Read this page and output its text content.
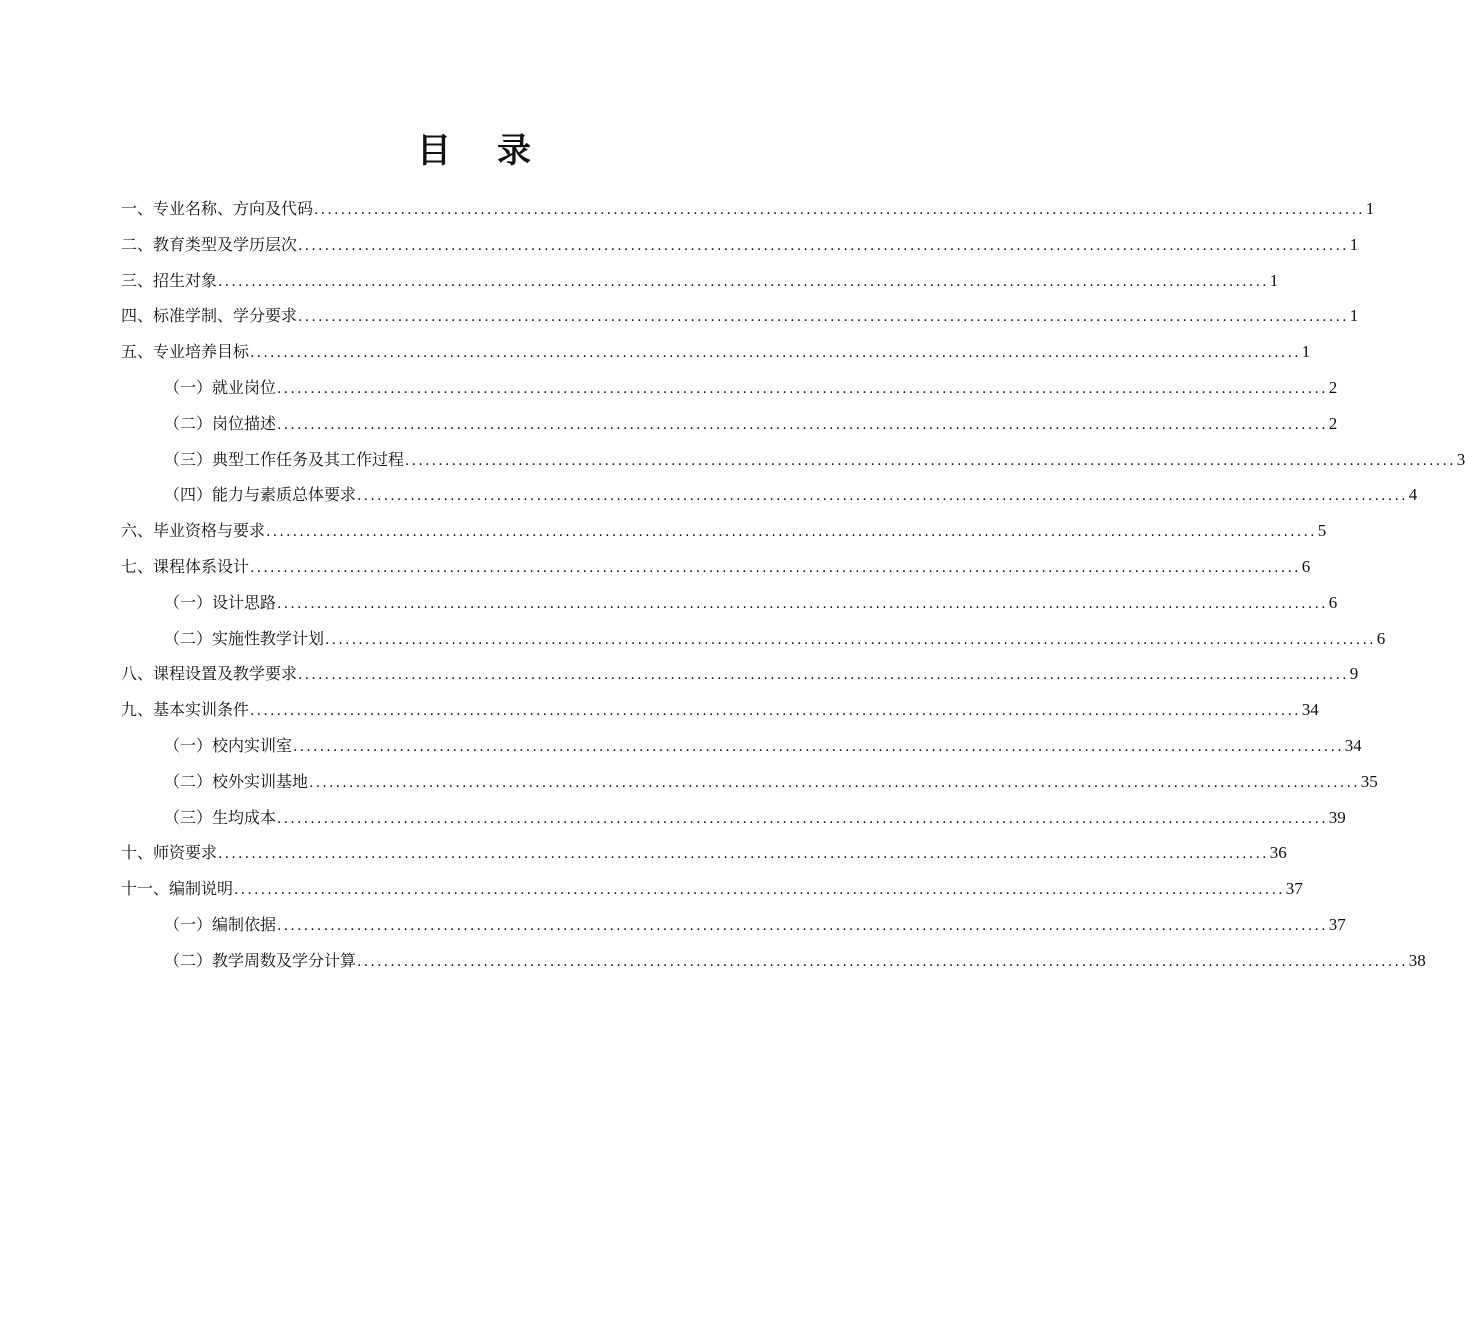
目 录
一、专业名称、方向及代码 .............................................................................................................................................................. 1
二、教育类型及学历层次 .............................................................................................................................................................. 1
三、招生对象 .............................................................................................................................................................. 1
四、标准学制、学分要求 .............................................................................................................................................................. 1
五、专业培养目标 .............................................................................................................................................................. 1
（一）就业岗位 .............................................................................................................................................................. 2
（二）岗位描述 .............................................................................................................................................................. 2
（三）典型工作任务及其工作过程 .............................................................................................................................................................. 3
（四）能力与素质总体要求 .............................................................................................................................................................. 4
六、毕业资格与要求 .............................................................................................................................................................. 5
七、课程体系设计 .............................................................................................................................................................. 6
（一）设计思路 .............................................................................................................................................................. 6
（二）实施性教学计划 .............................................................................................................................................................. 6
八、课程设置及教学要求 .............................................................................................................................................................. 9
九、基本实训条件 .............................................................................................................................................................. 34
（一）校内实训室 .............................................................................................................................................................. 34
（二）校外实训基地 .............................................................................................................................................................. 35
（三）生均成本 .............................................................................................................................................................. 39
十、师资要求 .............................................................................................................................................................. 36
十一、编制说明 .............................................................................................................................................................. 37
（一）编制依据 .............................................................................................................................................................. 37
（二）教学周数及学分计算 .............................................................................................................................................................. 38
